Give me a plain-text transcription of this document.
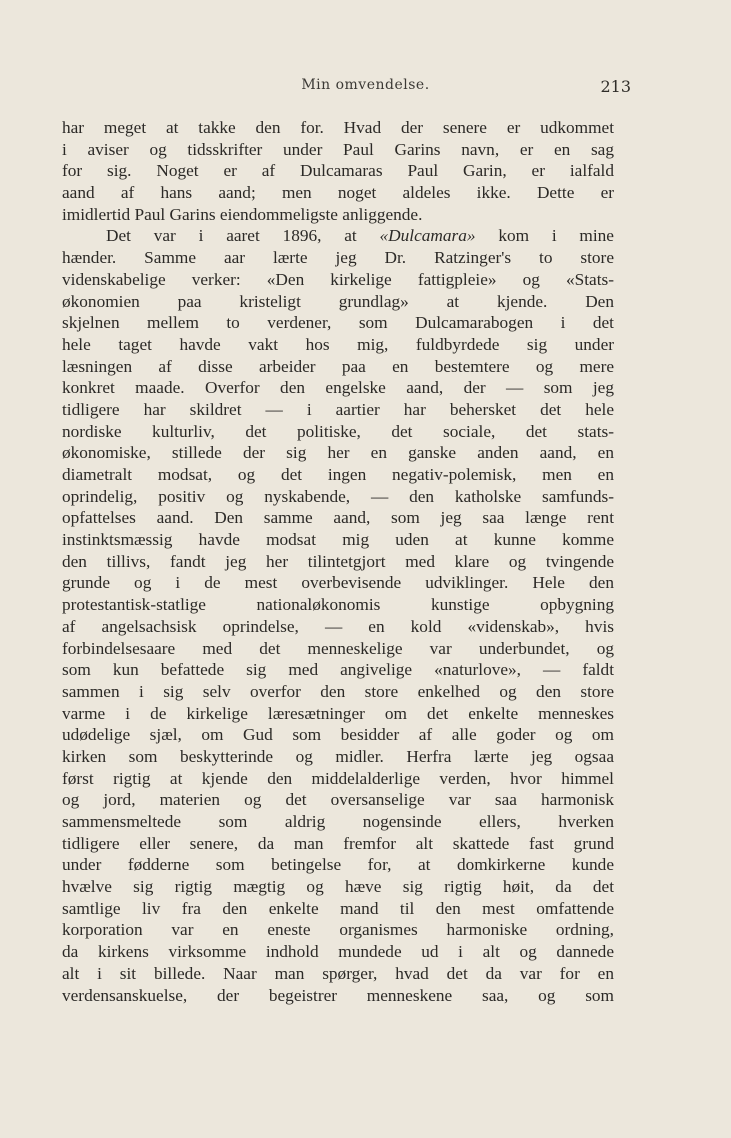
Min omvendelse.	213
har meget at takke den for. Hvad der senere er udkommet
i aviser og tidsskrifter under Paul Garins navn, er en sag
for sig. Noget er af Dulcamaras Paul Garin, er ialfald
aand af hans aand; men noget aldeles ikke. Dette er
imidlertid Paul Garins eiendommeligste anliggende.
Det var i aaret 1896, at «Dulcamara» kom i mine
hænder. Samme aar lærte jeg Dr. Ratzinger's to store
videnskabelige verker: «Den kirkelige fattigpleie» og «Stats-
økonomien paa kristeligt grundlag» at kjende. Den
skjelnen mellem to verdener, som Dulcamarabogen i det
hele taget havde vakt hos mig, fuldbyrdede sig under
læsningen af disse arbeider paa en bestemtere og mere
konkret maade. Overfor den engelske aand, der — som jeg
tidligere har skildret — i aartier har behersket det hele
nordiske kulturliv, det politiske, det sociale, det stats-
økonomiske, stillede der sig her en ganske anden aand, en
diametralt modsat, og det ingen negativ-polemisk, men en
oprindelig, positiv og nyskabende, — den katholske samfunds-
opfattelses aand. Den samme aand, som jeg saa længe rent
instinktsmæssig havde modsat mig uden at kunne komme
den tillivs, fandt jeg her tilintetgjort med klare og tvingende
grunde og i de mest overbevisende udviklinger. Hele den
protestantisk-statlige nationaløkonomis kunstige opbygning
af angelsachsisk oprindelse, — en kold «videnskab», hvis
forbindelsesaare med det menneskelige var underbundet, og
som kun befattede sig med angivelige «naturlove», — faldt
sammen i sig selv overfor den store enkelhed og den store
varme i de kirkelige læresætninger om det enkelte menneskes
udødelige sjæl, om Gud som besidder af alle goder og om
kirken som beskytterinde og midler. Herfra lærte jeg ogsaa
først rigtig at kjende den middelalderlige verden, hvor himmel
og jord, materien og det oversanselige var saa harmonisk
sammensmeltede som aldrig nogensinde ellers, hverken
tidligere eller senere, da man fremfor alt skattede fast grund
under fødderne som betingelse for, at domkirkerne kunde
hvælve sig rigtig mægtig og hæve sig rigtig høit, da det
samtlige liv fra den enkelte mand til den mest omfattende
korporation var en eneste organismes harmoniske ordning,
da kirkens virksomme indhold mundede ud i alt og dannede
alt i sit billede. Naar man spørger, hvad det da var for en
verdensanskuelse, der begeistrer menneskene saa, og som
